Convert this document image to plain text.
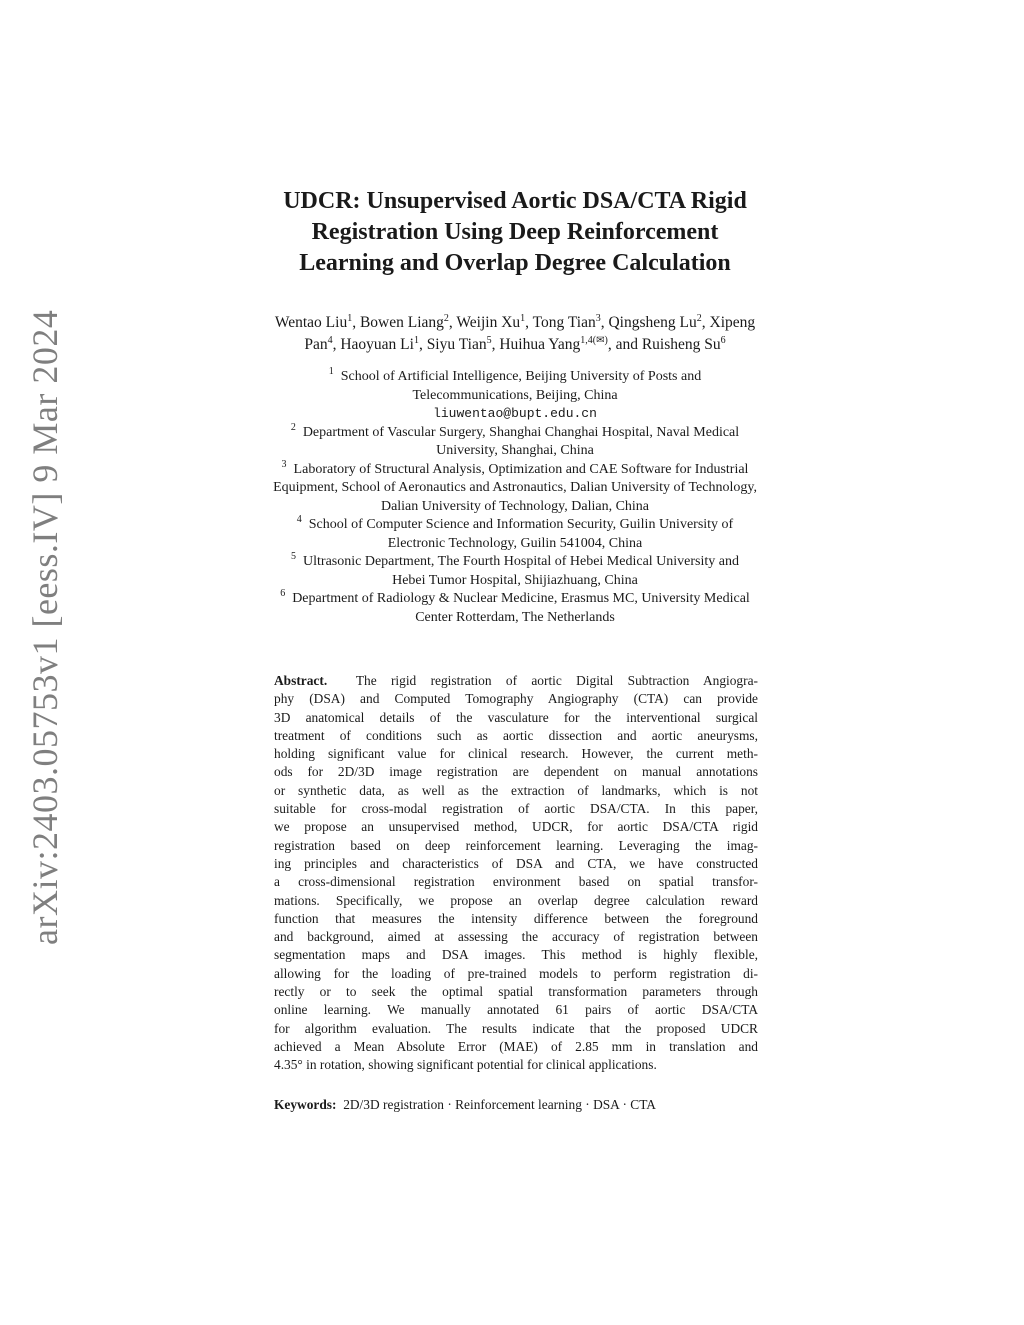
arXiv:2403.05753v1 [eess.IV] 9 Mar 2024
UDCR: Unsupervised Aortic DSA/CTA Rigid
Registration Using Deep Reinforcement
Learning and Overlap Degree Calculation
Wentao Liu$^1$, Bowen Liang$^2$, Weijin Xu$^1$, Tong Tian$^3$, Qingsheng Lu$^2$, Xipeng
Pan$^4$, Haoyuan Li$^1$, Siyu Tian$^5$, Huihua Yang$^{1,4(✉)}$, and Ruisheng Su$^6$
$^1$ School of Artificial Intelligence, Beijing University of Posts and
Telecommunications, Beijing, China
liuwentao@bupt.edu.cn
$^2$ Department of Vascular Surgery, Shanghai Changhai Hospital, Naval Medical
University, Shanghai, China
$^3$ Laboratory of Structural Analysis, Optimization and CAE Software for Industrial
Equipment, School of Aeronautics and Astronautics, Dalian University of Technology,
Dalian University of Technology, Dalian, China
$^4$ School of Computer Science and Information Security, Guilin University of
Electronic Technology, Guilin 541004, China
$^5$ Ultrasonic Department, The Fourth Hospital of Hebei Medical University and
Hebei Tumor Hospital, Shijiazhuang, China
$^6$ Department of Radiology & Nuclear Medicine, Erasmus MC, University Medical
Center Rotterdam, The Netherlands
Abstract. The rigid registration of aortic Digital Subtraction Angiogra-
phy (DSA) and Computed Tomography Angiography (CTA) can provide
3D anatomical details of the vasculature for the interventional surgical
treatment of conditions such as aortic dissection and aortic aneurysms,
holding significant value for clinical research. However, the current meth-
ods for 2D/3D image registration are dependent on manual annotations
or synthetic data, as well as the extraction of landmarks, which is not
suitable for cross-modal registration of aortic DSA/CTA. In this paper,
we propose an unsupervised method, UDCR, for aortic DSA/CTA rigid
registration based on deep reinforcement learning. Leveraging the imag-
ing principles and characteristics of DSA and CTA, we have constructed
a cross-dimensional registration environment based on spatial transfor-
mations. Specifically, we propose an overlap degree calculation reward
function that measures the intensity difference between the foreground
and background, aimed at assessing the accuracy of registration between
segmentation maps and DSA images. This method is highly flexible,
allowing for the loading of pre-trained models to perform registration di-
rectly or to seek the optimal spatial transformation parameters through
online learning. We manually annotated 61 pairs of aortic DSA/CTA
for algorithm evaluation. The results indicate that the proposed UDCR
achieved a Mean Absolute Error (MAE) of 2.85 mm in translation and
4.35° in rotation, showing significant potential for clinical applications.
Keywords: 2D/3D registration · Reinforcement learning · DSA · CTA
